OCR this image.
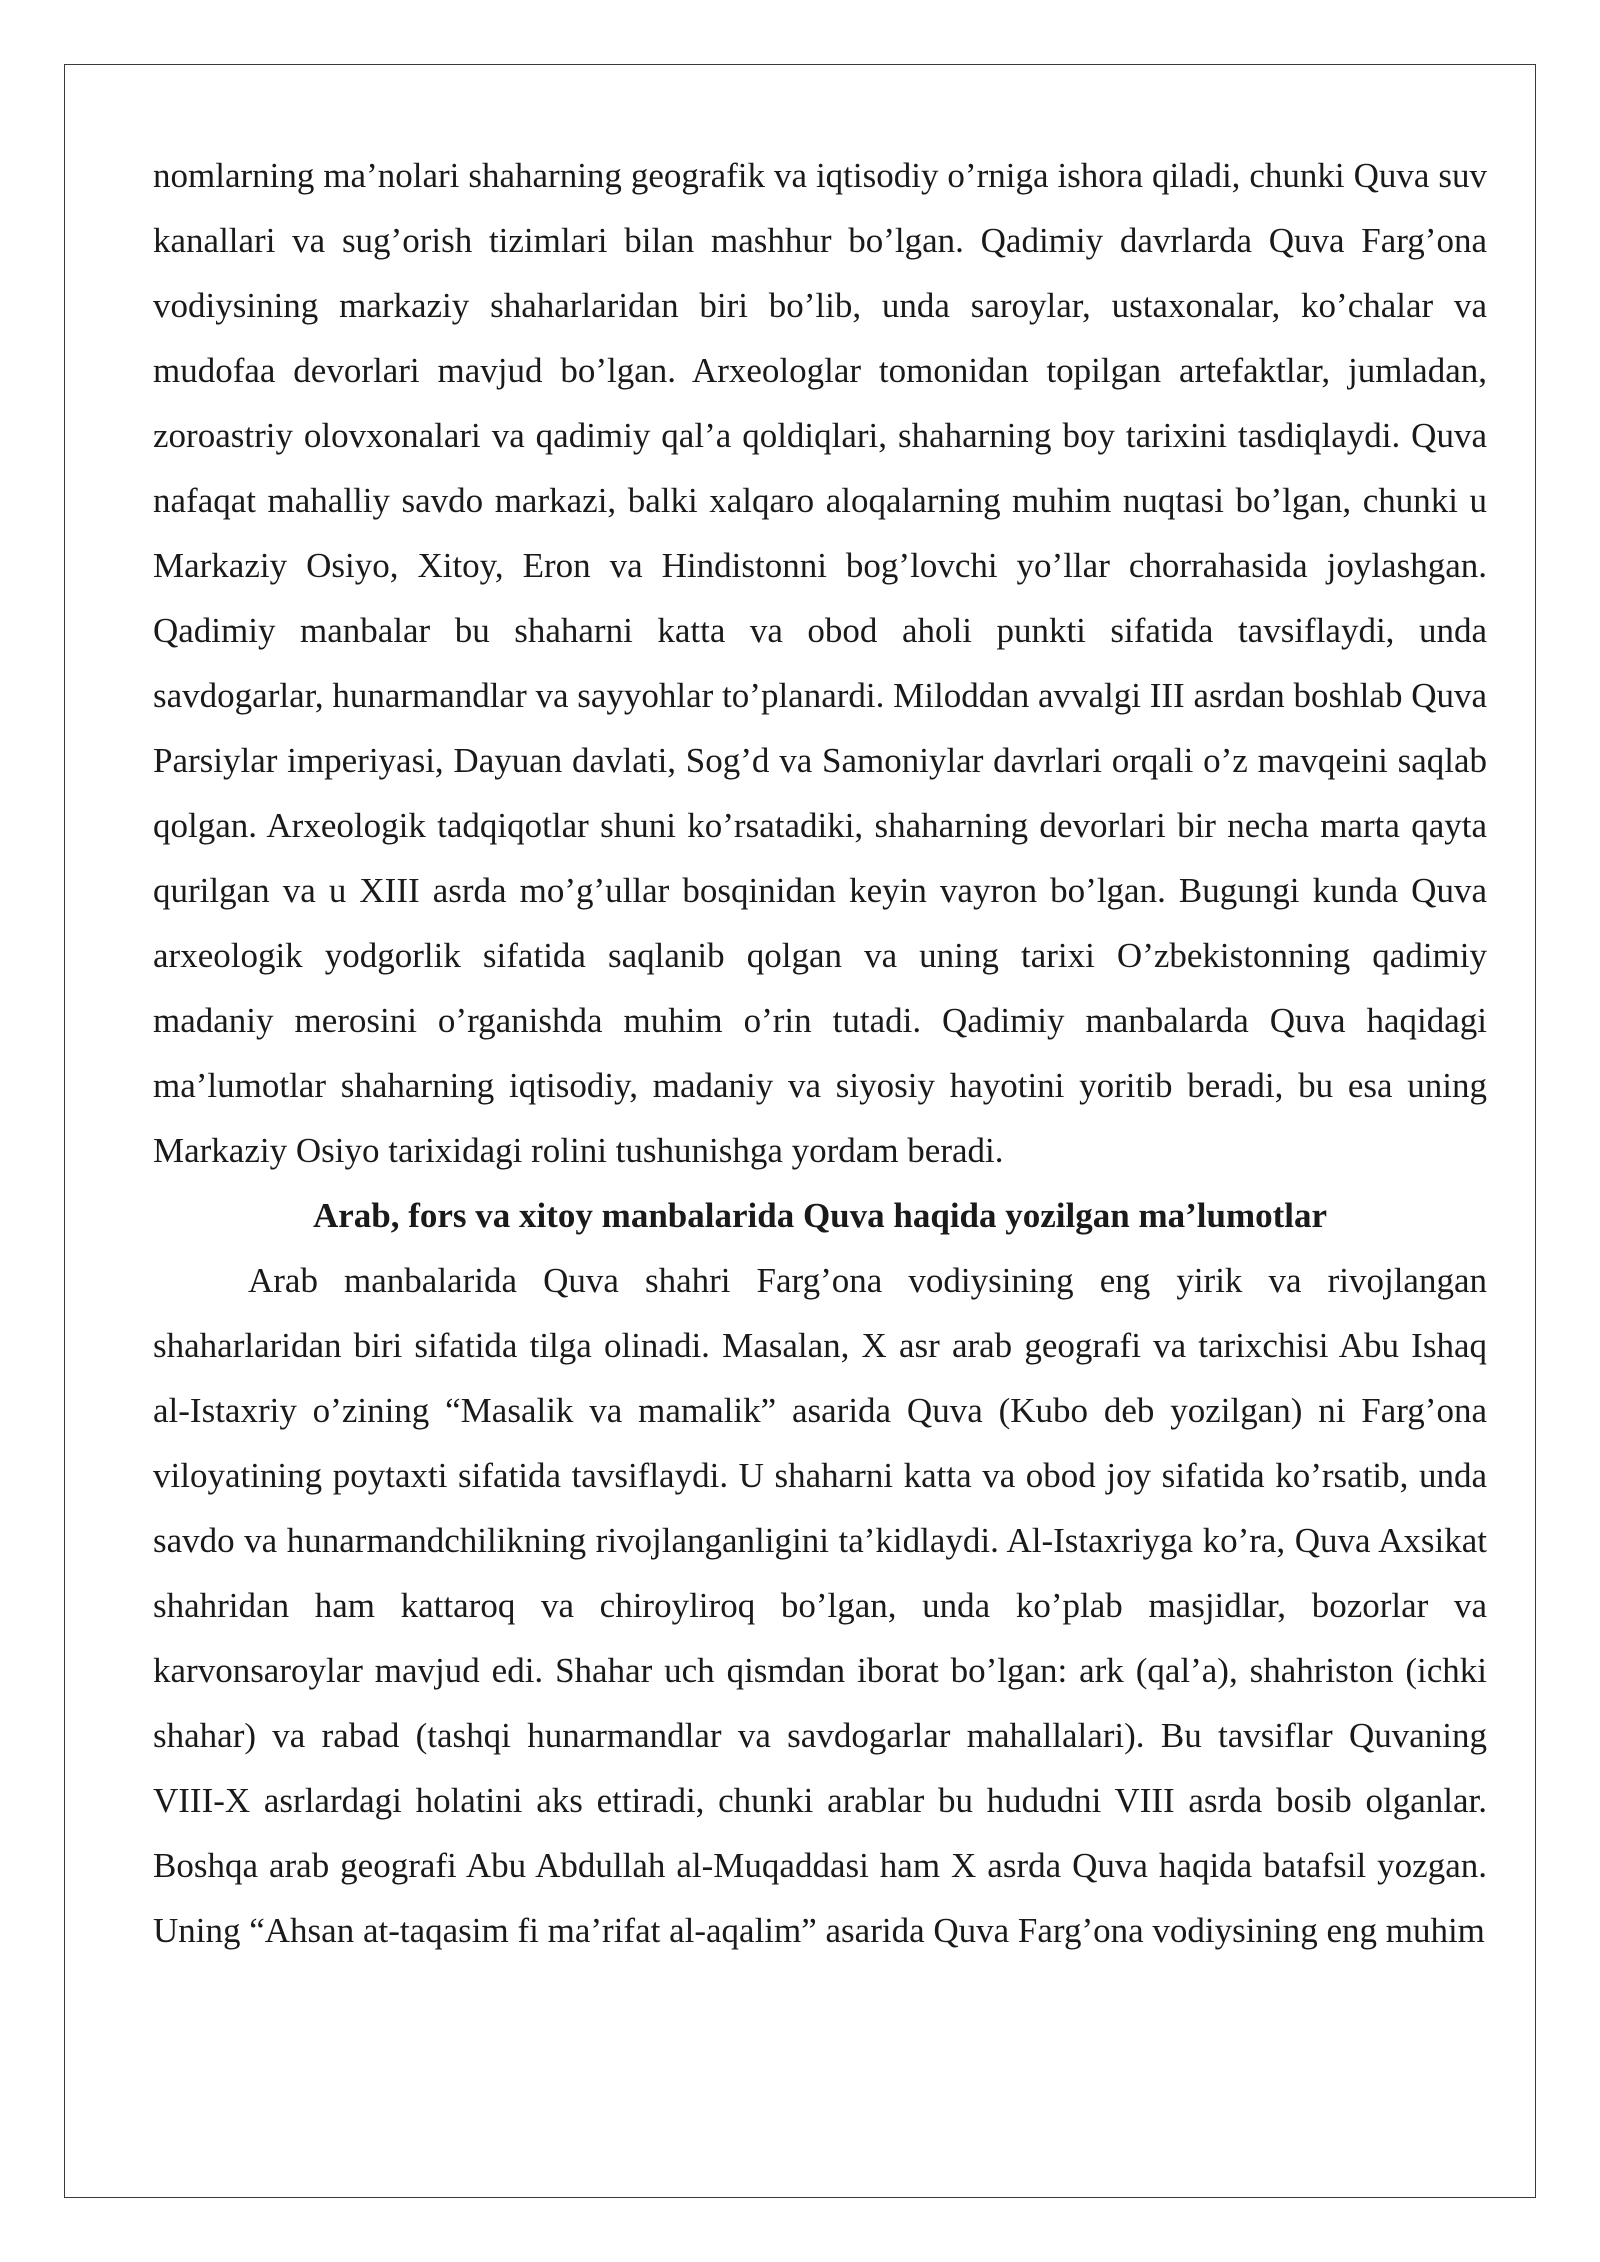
nomlarning ma’nolari shaharning geografik va iqtisodiy o’rniga ishora qiladi, chunki Quva suv kanallari va sug’orish tizimlari bilan mashhur bo’lgan. Qadimiy davrlarda Quva Farg’ona vodiysining markaziy shaharlaridan biri bo’lib, unda saroylar, ustaxonalar, ko’chalar va mudofaa devorlari mavjud bo’lgan. Arxeologlar tomonidan topilgan artefaktlar, jumladan, zoroastriy olovxonalari va qadimiy qal’a qoldiqlari, shaharning boy tarixini tasdiqlaydi. Quva nafaqat mahalliy savdo markazi, balki xalqaro aloqalarning muhim nuqtasi bo’lgan, chunki u Markaziy Osiyo, Xitoy, Eron va Hindistonni bog’lovchi yo’llar chorrahasida joylashgan. Qadimiy manbalar bu shaharni katta va obod aholi punkti sifatida tavsiflaydi, unda savdogarlar, hunarmandlar va sayyohlar to’planardi. Miloddan avvalgi III asrdan boshlab Quva Parsiylar imperiyasi, Dayuan davlati, Sog’d va Samoniylar davrlari orqali o’z mavqeini saqlab qolgan. Arxeologik tadqiqotlar shuni ko’rsatadiki, shaharning devorlari bir necha marta qayta qurilgan va u XIII asrda mo’g’ullar bosqinidan keyin vayron bo’lgan. Bugungi kunda Quva arxeologik yodgorlik sifatida saqlanib qolgan va uning tarixi O’zbekistonning qadimiy madaniy merosini o’rganishda muhim o’rin tutadi. Qadimiy manbalarda Quva haqidagi ma’lumotlar shaharning iqtisodiy, madaniy va siyosiy hayotini yoritib beradi, bu esa uning Markaziy Osiyo tarixidagi rolini tushunishga yordam beradi.

Arab, fors va xitoy manbalarida Quva haqida yozilgan ma’lumotlar

Arab manbalarida Quva shahri Farg’ona vodiysining eng yirik va rivojlangan shaharlaridan biri sifatida tilga olinadi. Masalan, X asr arab geografi va tarixchisi Abu Ishaq al-Istaxriy o’zining “Masalik va mamalik” asarida Quva (Kubo deb yozilgan) ni Farg’ona viloyatining poytaxti sifatida tavsiflaydi. U shaharni katta va obod joy sifatida ko’rsatib, unda savdo va hunarmandchilikning rivojlanganligini ta’kidlaydi. Al-Istaxriyga ko’ra, Quva Axsikat shahridan ham kattaroq va chiroyliroq bo’lgan, unda ko’plab masjidlar, bozorlar va karvonsaroylar mavjud edi. Shahar uch qismdan iborat bo’lgan: ark (qal’a), shahriston (ichki shahar) va rabad (tashqi hunarmandlar va savdogarlar mahallalari). Bu tavsiflar Quvaning VIII-X asrlardagi holatini aks ettiradi, chunki arablar bu hududni VIII asrda bosib olganlar. Boshqa arab geografi Abu Abdullah al-Muqaddasi ham X asrda Quva haqida batafsil yozgan. Uning “Ahsan at-taqasim fi ma’rifat al-aqalim” asarida Quva Farg’ona vodiysining eng muhim
